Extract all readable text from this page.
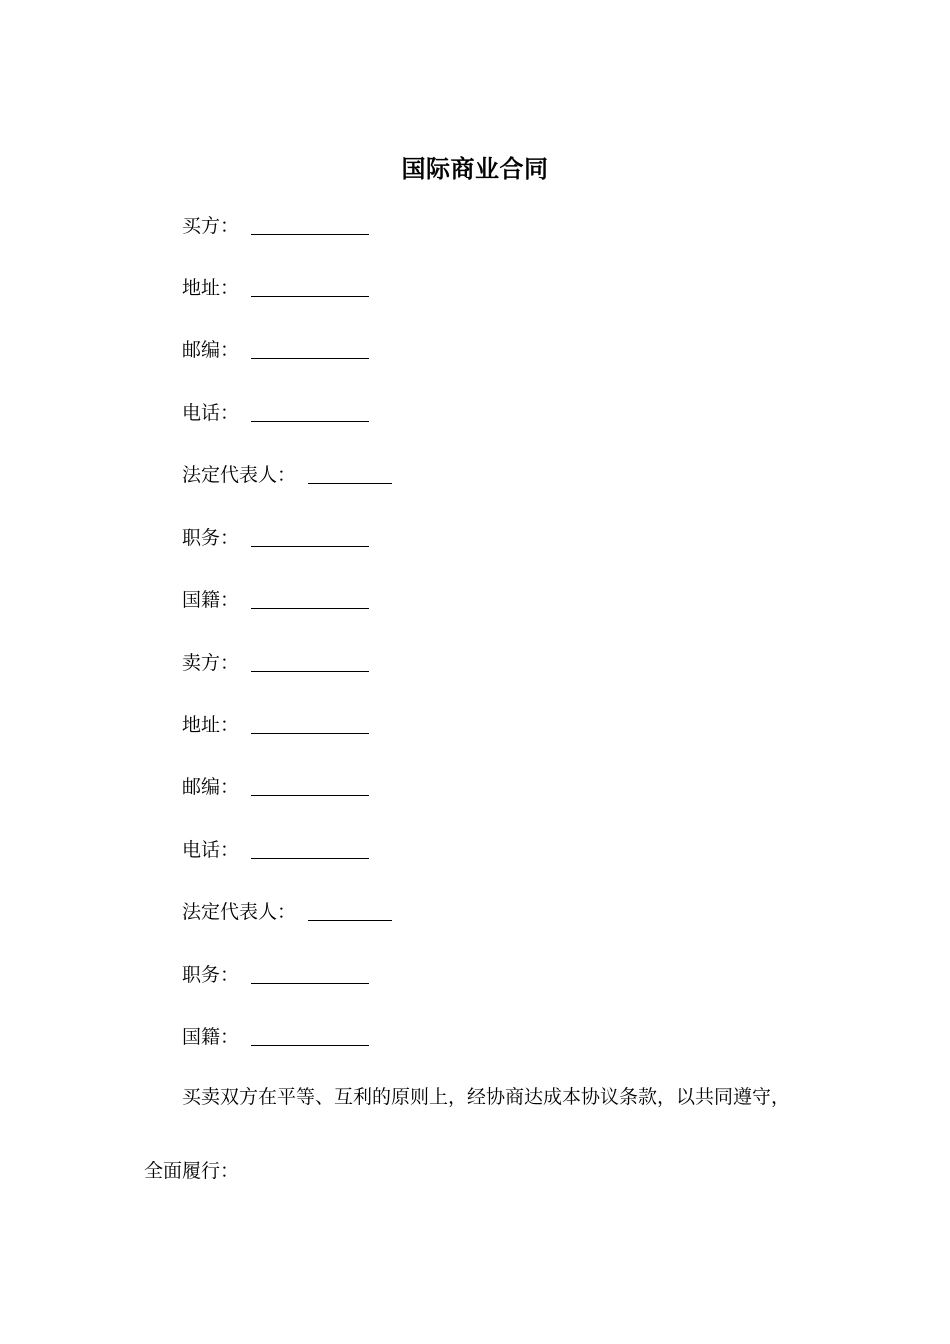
国际商业合同
买方：
地址：
邮编：
电话：
法定代表人：
职务：
国籍：
卖方：
地址：
邮编：
电话：
法定代表人：
职务：
国籍：
买卖双方在平等、互利的原则上，经协商达成本协议条款，以共同遵守，
全面履行：
